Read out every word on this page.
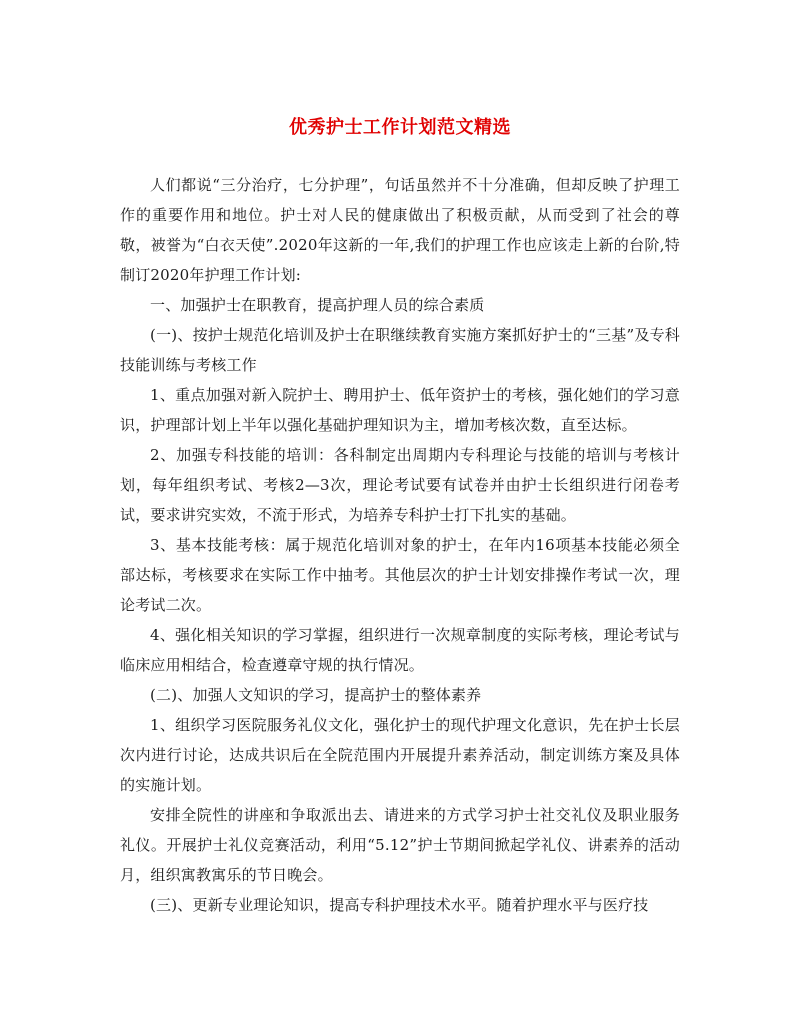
优秀护士工作计划范文精选

人们都说“三分治疗，七分护理”，句话虽然并不十分准确，但却反映了护理工作的重要作用和地位。护士对人民的健康做出了积极贡献，从而受到了社会的尊敬，被誉为“白衣天使”.2020年这新的一年,我们的护理工作也应该走上新的台阶,特制订2020年护理工作计划:

一、加强护士在职教育，提高护理人员的综合素质

(一)、按护士规范化培训及护士在职继续教育实施方案抓好护士的“三基”及专科技能训练与考核工作

1、重点加强对新入院护士、聘用护士、低年资护士的考核，强化她们的学习意识，护理部计划上半年以强化基础护理知识为主，增加考核次数，直至达标。

2、加强专科技能的培训：各科制定出周期内专科理论与技能的培训与考核计划，每年组织考试、考核2—3次，理论考试要有试卷并由护士长组织进行闭卷考试，要求讲究实效，不流于形式，为培养专科护士打下扎实的基础。

3、基本技能考核：属于规范化培训对象的护士，在年内16项基本技能必须全部达标，考核要求在实际工作中抽考。其他层次的护士计划安排操作考试一次，理论考试二次。

4、强化相关知识的学习掌握，组织进行一次规章制度的实际考核，理论考试与临床应用相结合，检查遵章守规的执行情况。

(二)、加强人文知识的学习，提高护士的整体素养

1、组织学习医院服务礼仪文化，强化护士的现代护理文化意识，先在护士长层次内进行讨论，达成共识后在全院范围内开展提升素养活动，制定训练方案及具体的实施计划。

安排全院性的讲座和争取派出去、请进来的方式学习护士社交礼仪及职业服务礼仪。开展护士礼仪竞赛活动，利用“5.12”护士节期间掀起学礼仪、讲素养的活动月，组织寓教寓乐的节日晚会。

(三)、更新专业理论知识，提高专科护理技术水平。随着护理水平与医疗技
